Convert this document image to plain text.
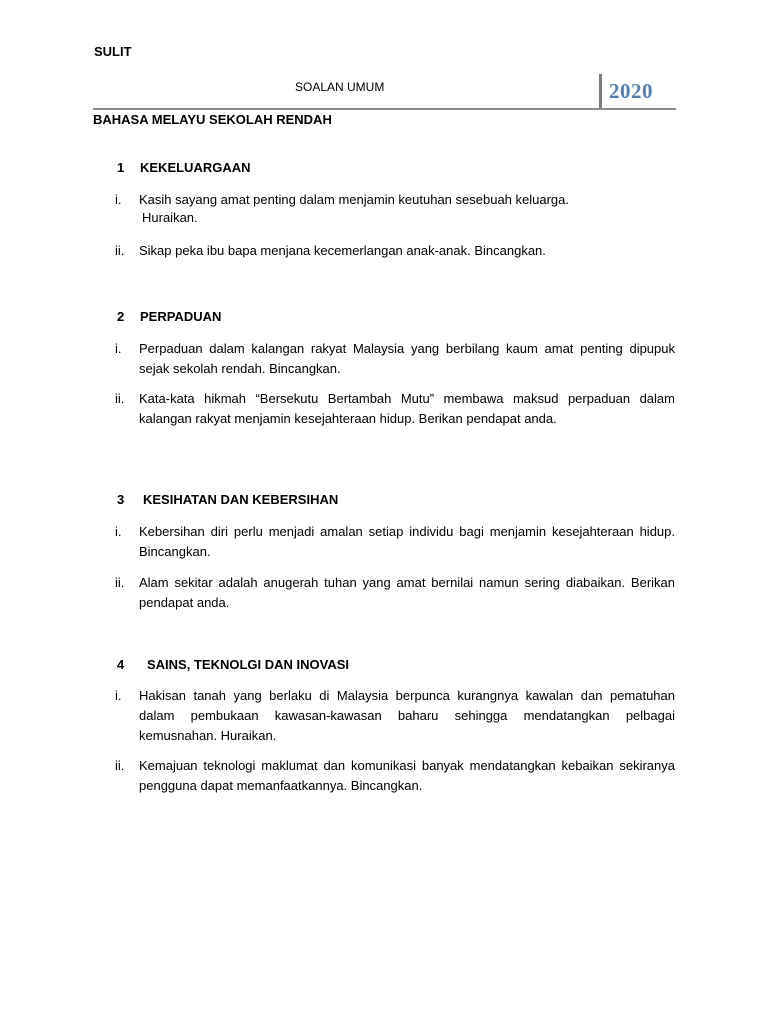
SULIT
SOALAN UMUM	2020
BAHASA MELAYU SEKOLAH RENDAH
1 KEKELUARGAAN
i. Kasih sayang amat penting dalam menjamin keutuhan sesebuah keluarga.
Huraikan.
ii. Sikap peka ibu bapa menjana kecemerlangan anak-anak. Bincangkan.
2 PERPADUAN
i. Perpaduan dalam kalangan rakyat Malaysia yang berbilang kaum amat penting dipupuk sejak sekolah rendah. Bincangkan.
ii. Kata-kata hikmah “Bersekutu Bertambah Mutu” membawa maksud perpaduan dalam kalangan rakyat menjamin kesejahteraan hidup. Berikan pendapat anda.
3 KESIHATAN DAN KEBERSIHAN
i. Kebersihan diri perlu menjadi amalan setiap individu bagi menjamin kesejahteraan hidup. Bincangkan.
ii. Alam sekitar adalah anugerah tuhan yang amat bernilai namun sering diabaikan. Berikan pendapat anda.
4 SAINS, TEKNOLGI DAN INOVASI
i. Hakisan tanah yang berlaku di Malaysia berpunca kurangnya kawalan dan pematuhan dalam pembukaan kawasan-kawasan baharu sehingga mendatangkan pelbagai kemusnahan. Huraikan.
ii. Kemajuan teknologi maklumat dan komunikasi banyak mendatangkan kebaikan sekiranya pengguna dapat memanfaatkannya. Bincangkan.
